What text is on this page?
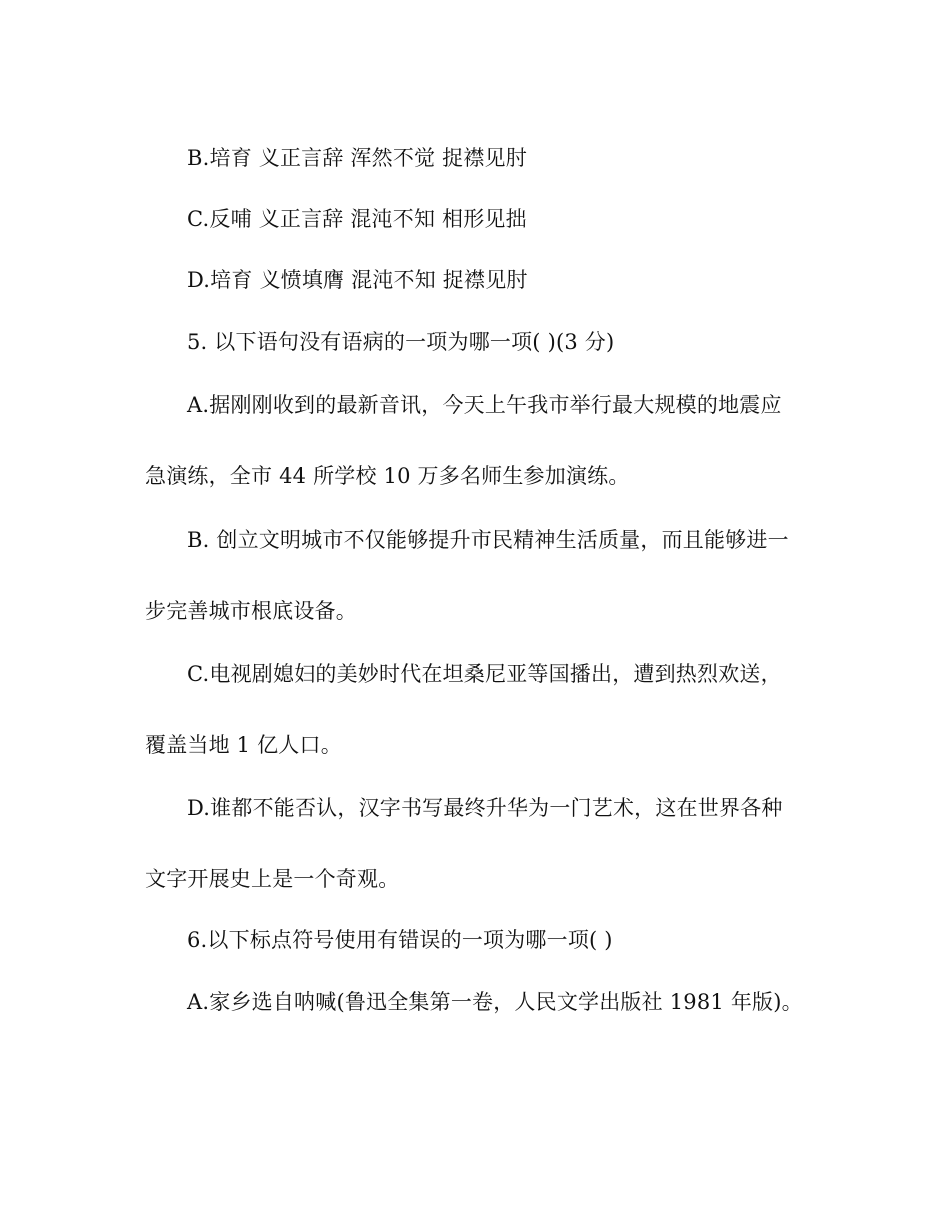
B.培育 义正言辞 浑然不觉 捉襟见肘
C.反哺 义正言辞 混沌不知 相形见拙
D.培育 义愤填膺 混沌不知 捉襟见肘
5. 以下语句没有语病的一项为哪一项( )(3 分)
A.据刚刚收到的最新音讯，今天上午我市举行最大规模的地震应
急演练，全市 44 所学校 10 万多名师生参加演练。
B. 创立文明城市不仅能够提升市民精神生活质量，而且能够进一
步完善城市根底设备。
C.电视剧媳妇的美妙时代在坦桑尼亚等国播出，遭到热烈欢送，
覆盖当地 1 亿人口。
D.谁都不能否认，汉字书写最终升华为一门艺术，这在世界各种
文字开展史上是一个奇观。
6.以下标点符号使用有错误的一项为哪一项( )
A.家乡选自呐喊(鲁迅全集第一卷，人民文学出版社 1981 年版)。
